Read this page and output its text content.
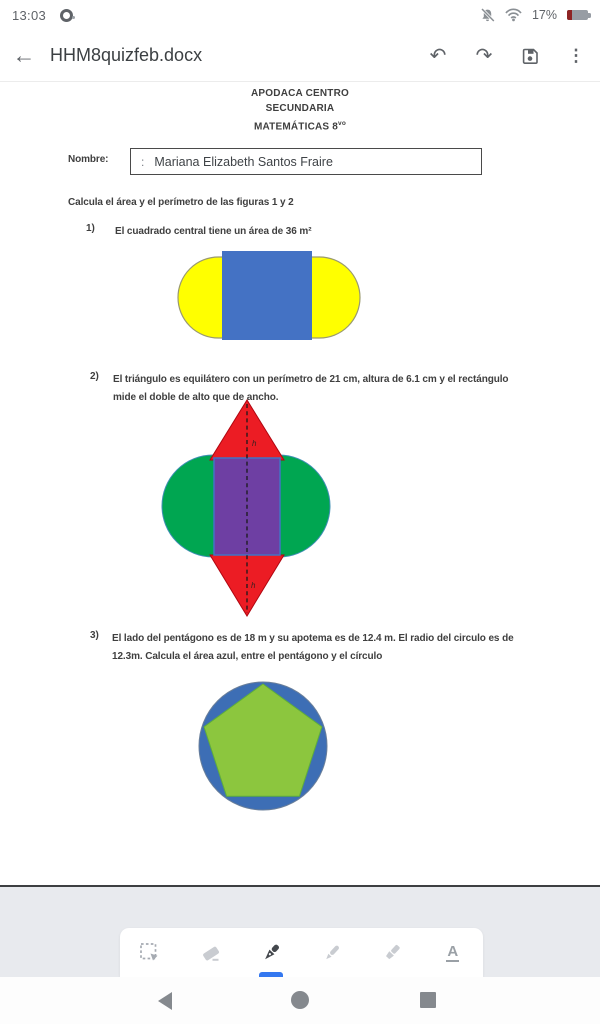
13:03	17%
← HHM8quizfeb.docx	↶ ↷	⋮
APODACA CENTRO
SECUNDARIA
MATEMÁTICAS $8^{vo}$
Nombre:	: Mariana Elizabeth Santos Fraire
Calcula el área y el perímetro de las figuras 1 y 2
1) El cuadrado central tiene un área de 36 m²
2) El triángulo es equilátero con un perímetro de 21 cm, altura de 6.1 cm y el rectángulo
mide el doble de alto que de ancho.
h
h
3) El lado del pentágono es de 18 m y su apotema es de 12.4 m. El radio del circulo es de
12.3m. Calcula el área azul, entre el pentágono y el círculo
A
